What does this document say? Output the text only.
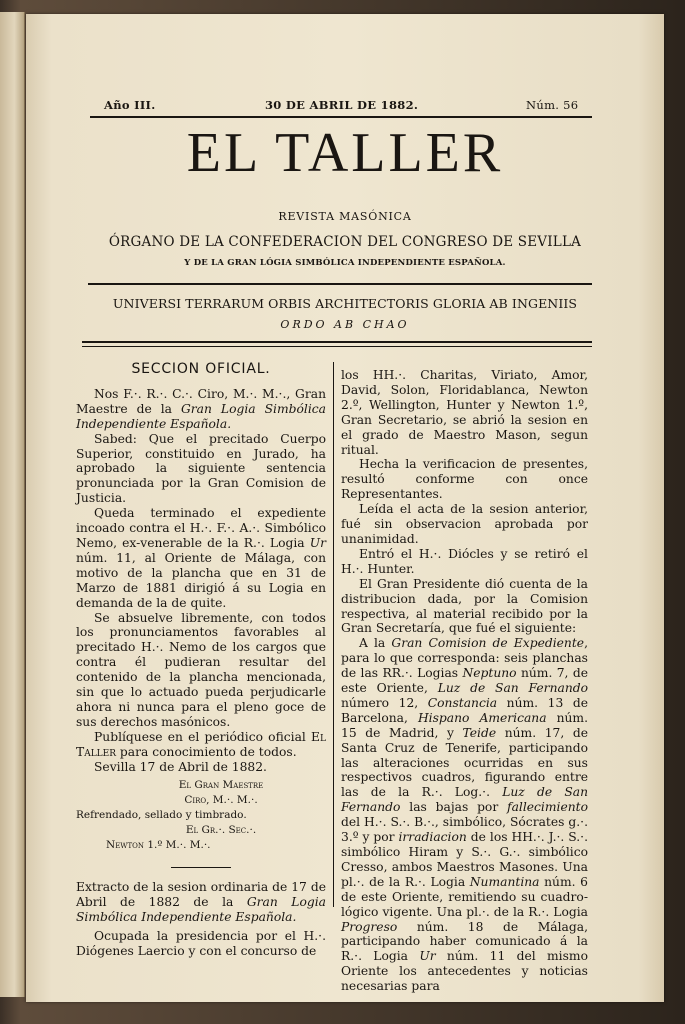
Año III.	30 DE ABRIL DE 1882.	Núm. 56
EL TALLER
REVISTA MASÓNICA
ÓRGANO DE LA CONFEDERACION DEL CONGRESO DE SEVILLA
Y DE LA GRAN LÓGIA SIMBÓLICA INDEPENDIENTE ESPAÑOLA.
UNIVERSI TERRARUM ORBIS ARCHITECTORIS GLORIA AB INGENIIS
ORDO AB CHAO

SECCION OFICIAL.

Nos F.·. R.·. C.·. Ciro, M.·. M.·., Gran Maestre de la Gran Logia Simbólica Independiente Española.

Sabed: Que el precitado Cuerpo Superior, constituido en Jurado, ha aprobado la siguiente sentencia pronunciada por la Gran Comision de Justicia.

Queda terminado el expediente incoado contra el H.·. F.·. A.·. Simbólico Nemo, ex-venerable de la R.·. Logia Ur núm. 11, al Oriente de Málaga, con motivo de la plancha que en 31 de Marzo de 1881 dirigió á su Logia en demanda de la de quite.

Se absuelve libremente, con todos los pronunciamentos favorables al precitado H.·. Nemo de los cargos que contra él pudieran resultar del contenido de la plancha mencionada, sin que lo actuado pueda perjudicarle ahora ni nunca para el pleno goce de sus derechos masónicos.

Publíquese en el periódico oficial El Taller para conocimiento de todos.

Sevilla 17 de Abril de 1882.

El Gran Maestre

Ciro, M.·. M.·.

Refrendado, sellado y timbrado.

El Gr.·. Sec.·.

Newton 1.º M.·. M.·.

Extracto de la sesion ordinaria de 17 de Abril de 1882 de la Gran Logia Simbólica Independiente Española.

Ocupada la presidencia por el H.·. Diógenes Laercio y con el concurso de

los HH.·. Charitas, Viriato, Amor, David, Solon, Floridablanca, Newton 2.º, Wellington, Hunter y Newton 1.º, Gran Secretario, se abrió la sesion en el grado de Maestro Mason, segun ritual.

Hecha la verificacion de presentes, resultó conforme con once Representantes.

Leída el acta de la sesion anterior, fué sin observacion aprobada por unanimidad.

Entró el H.·. Diócles y se retiró el H.·. Hunter.

El Gran Presidente dió cuenta de la distribucion dada, por la Comision respectiva, al material recibido por la Gran Secretaría, que fué el siguiente:

A la Gran Comision de Expediente, para lo que corresponda: seis planchas de las RR.·. Logias Neptuno núm. 7, de este Oriente, Luz de San Fernando número 12, Constancia núm. 13 de Barcelona, Hispano Americana núm. 15 de Madrid, y Teide núm. 17, de Santa Cruz de Tenerife, participando las alteraciones ocurridas en sus respectivos cuadros, figurando entre las de la R.·. Log.·. Luz de San Fernando las bajas por fallecimiento del H.·. S.·. B.·., simbólico, Sócrates g.·. 3.º y por irradiacion de los HH.·. J.·. S.·. simbólico Hiram y S.·. G.·. simbólico Cresso, ambos Maestros Masones. Una pl.·. de la R.·. Logia Numantina núm. 6 de este Oriente, remitiendo su cuadro-lógico vigente. Una pl.·. de la R.·. Logia Progreso núm. 18 de Málaga, participando haber comunicado á la R.·. Logia Ur núm. 11 del mismo Oriente los antecedentes y noticias necesarias para
